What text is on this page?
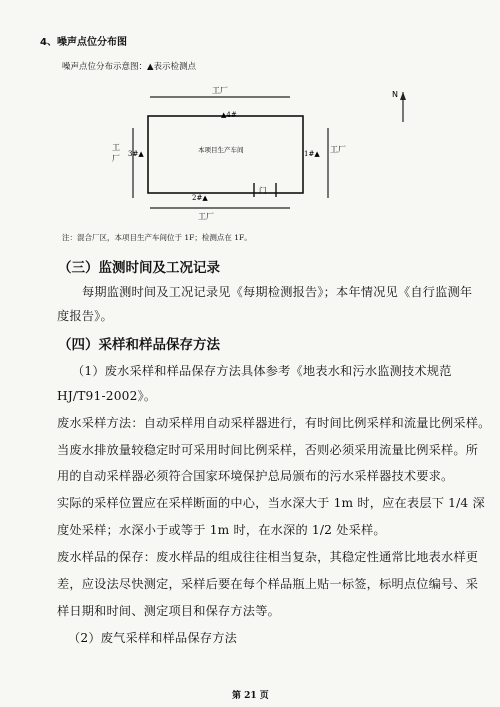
4、噪声点位分布图
噪声点位分布示意图：▲表示检测点
N
工厂
工
厂
工厂
工厂
本项目生产车间
门
▲4#
3#▲	1#▲
2#▲
注：混合厂区，本项目生产车间位于 1F；检测点在 1F。
（三）监测时间及工况记录
每期监测时间及工况记录见《每期检测报告》；本年情况见《自行监测年
度报告》。
（四）采样和样品保存方法
（1）废水采样和样品保存方法具体参考《地表水和污水监测技术规范
HJ/T91-2002》。
废水采样方法：自动采样用自动采样器进行，有时间比例采样和流量比例采样。
当废水排放量较稳定时可采用时间比例采样，否则必须采用流量比例采样。所
用的自动采样器必须符合国家环境保护总局颁布的污水采样器技术要求。
实际的采样位置应在采样断面的中心，当水深大于 1m 时，应在表层下 1/4 深
度处采样；水深小于或等于 1m 时，在水深的 1/2 处采样。
废水样品的保存：废水样品的组成往往相当复杂，其稳定性通常比地表水样更
差，应设法尽快测定，采样后要在每个样品瓶上贴一标签，标明点位编号、采
样日期和时间、测定项目和保存方法等。
（2）废气采样和样品保存方法
第 21 页
